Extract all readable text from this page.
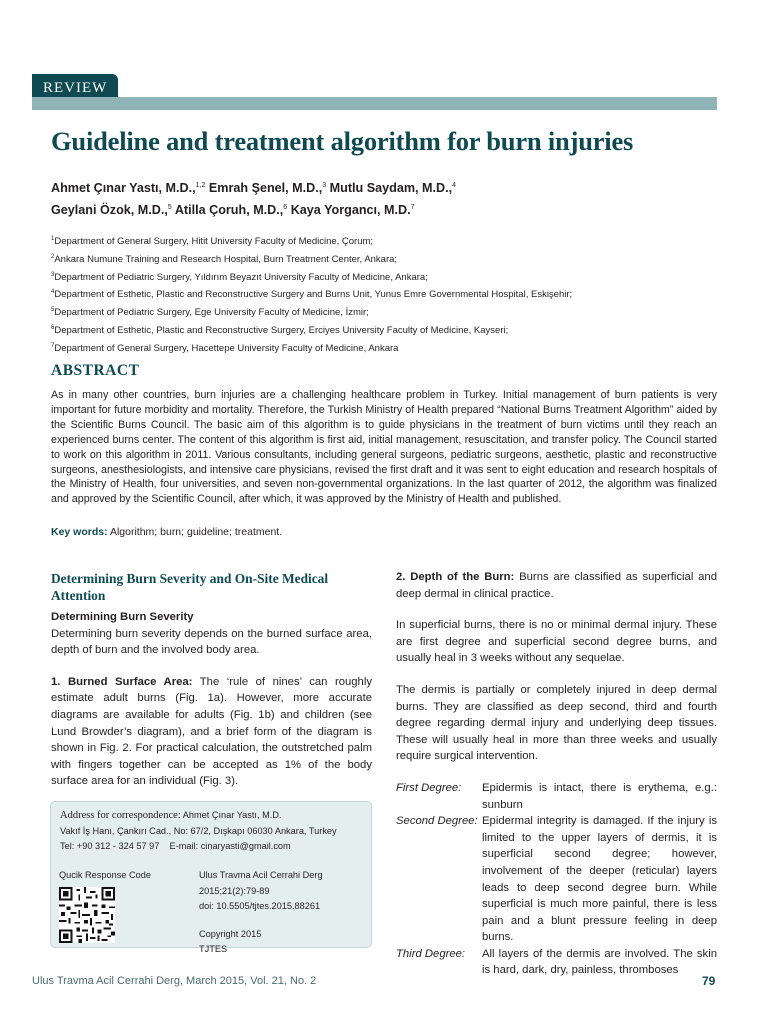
REVIEW
Guideline and treatment algorithm for burn injuries
Ahmet Çınar Yastı, M.D.,$^{1,2}$ Emrah Şenel, M.D.,$^3$ Mutlu Saydam, M.D.,$^4$
Geylani Özok, M.D.,$^5$ Atilla Çoruh, M.D.,$^6$ Kaya Yorgancı, M.D.$^7$
$^1$Department of General Surgery, Hitit University Faculty of Medicine, Çorum;
$^2$Ankara Numune Training and Research Hospital, Burn Treatment Center, Ankara;
$^3$Department of Pediatric Surgery, Yıldırım Beyazıt University Faculty of Medicine, Ankara;
$^4$Department of Esthetic, Plastic and Reconstructive Surgery and Burns Unit, Yunus Emre Governmental Hospital, Eskişehir;
$^5$Department of Pediatric Surgery, Ege University Faculty of Medicine, İzmir;
$^6$Department of Esthetic, Plastic and Reconstructive Surgery, Erciyes University Faculty of Medicine, Kayseri;
$^7$Department of General Surgery, Hacettepe University Faculty of Medicine, Ankara
ABSTRACT

As in many other countries, burn injuries are a challenging healthcare problem in Turkey. Initial management of burn patients is very important for future morbidity and mortality. Therefore, the Turkish Ministry of Health prepared “National Burns Treatment Algorithm” aided by the Scientific Burns Council. The basic aim of this algorithm is to guide physicians in the treatment of burn victims until they reach an experienced burns center. The content of this algorithm is first aid, initial management, resuscitation, and transfer policy. The Council started to work on this algorithm in 2011. Various consultants, including general surgeons, pediatric surgeons, aesthetic, plastic and reconstructive surgeons, anesthesiologists, and intensive care physicians, revised the first draft and it was sent to eight education and research hospitals of the Ministry of Health, four universities, and seven non-governmental organizations. In the last quarter of 2012, the algorithm was finalized and approved by the Scientific Council, after which, it was approved by the Ministry of Health and published.

Key words: Algorithm; burn; guideline; treatment.
Determining Burn Severity and On-Site Medical Attention
Determining Burn Severity

Determining burn severity depends on the burned surface area, depth of burn and the involved body area.

1. Burned Surface Area: The ‘rule of nines’ can roughly estimate adult burns (Fig. 1a). However, more accurate diagrams are available for adults (Fig. 1b) and children (see Lund Browder’s diagram), and a brief form of the diagram is shown in Fig. 2. For practical calculation, the outstretched palm with fingers together can be accepted as 1% of the body surface area for an individual (Fig. 3).

2. Depth of the Burn: Burns are classified as superficial and deep dermal in clinical practice.

In superficial burns, there is no or minimal dermal injury. These are first degree and superficial second degree burns, and usually heal in 3 weeks without any sequelae.

The dermis is partially or completely injured in deep dermal burns. They are classified as deep second, third and fourth degree regarding dermal injury and underlying deep tissues. These will usually heal in more than three weeks and usually require surgical intervention.

First Degree:	Epidermis is intact, there is erythema, e.g.: sunburn
Second Degree: Epidermal integrity is damaged. If the injury is limited to the upper layers of dermis, it is superficial second degree; however, involvement of the deeper (reticular) layers leads to deep second degree burn. While superficial is much more painful, there is less pain and a blunt pressure feeling in deep burns.
Third Degree:	All layers of the dermis are involved. The skin is hard, dark, dry, painless, thromboses
Address for correspondence: Ahmet Çınar Yastı, M.D.
Vakıf İş Hanı, Çankırı Cad., No: 67/2, Dışkapı 06030 Ankara, Turkey
Tel: +90 312 - 324 57 97    E-mail: cinaryasti@gmail.com
Qucik Response Code	Ulus Travma Acil Cerrahi Derg
2015;21(2):79-89
doi: 10.5505/tjtes.2015.88261
Copyright 2015
TJTES
Ulus Travma Acil Cerrahi Derg, March 2015, Vol. 21, No. 2	79
